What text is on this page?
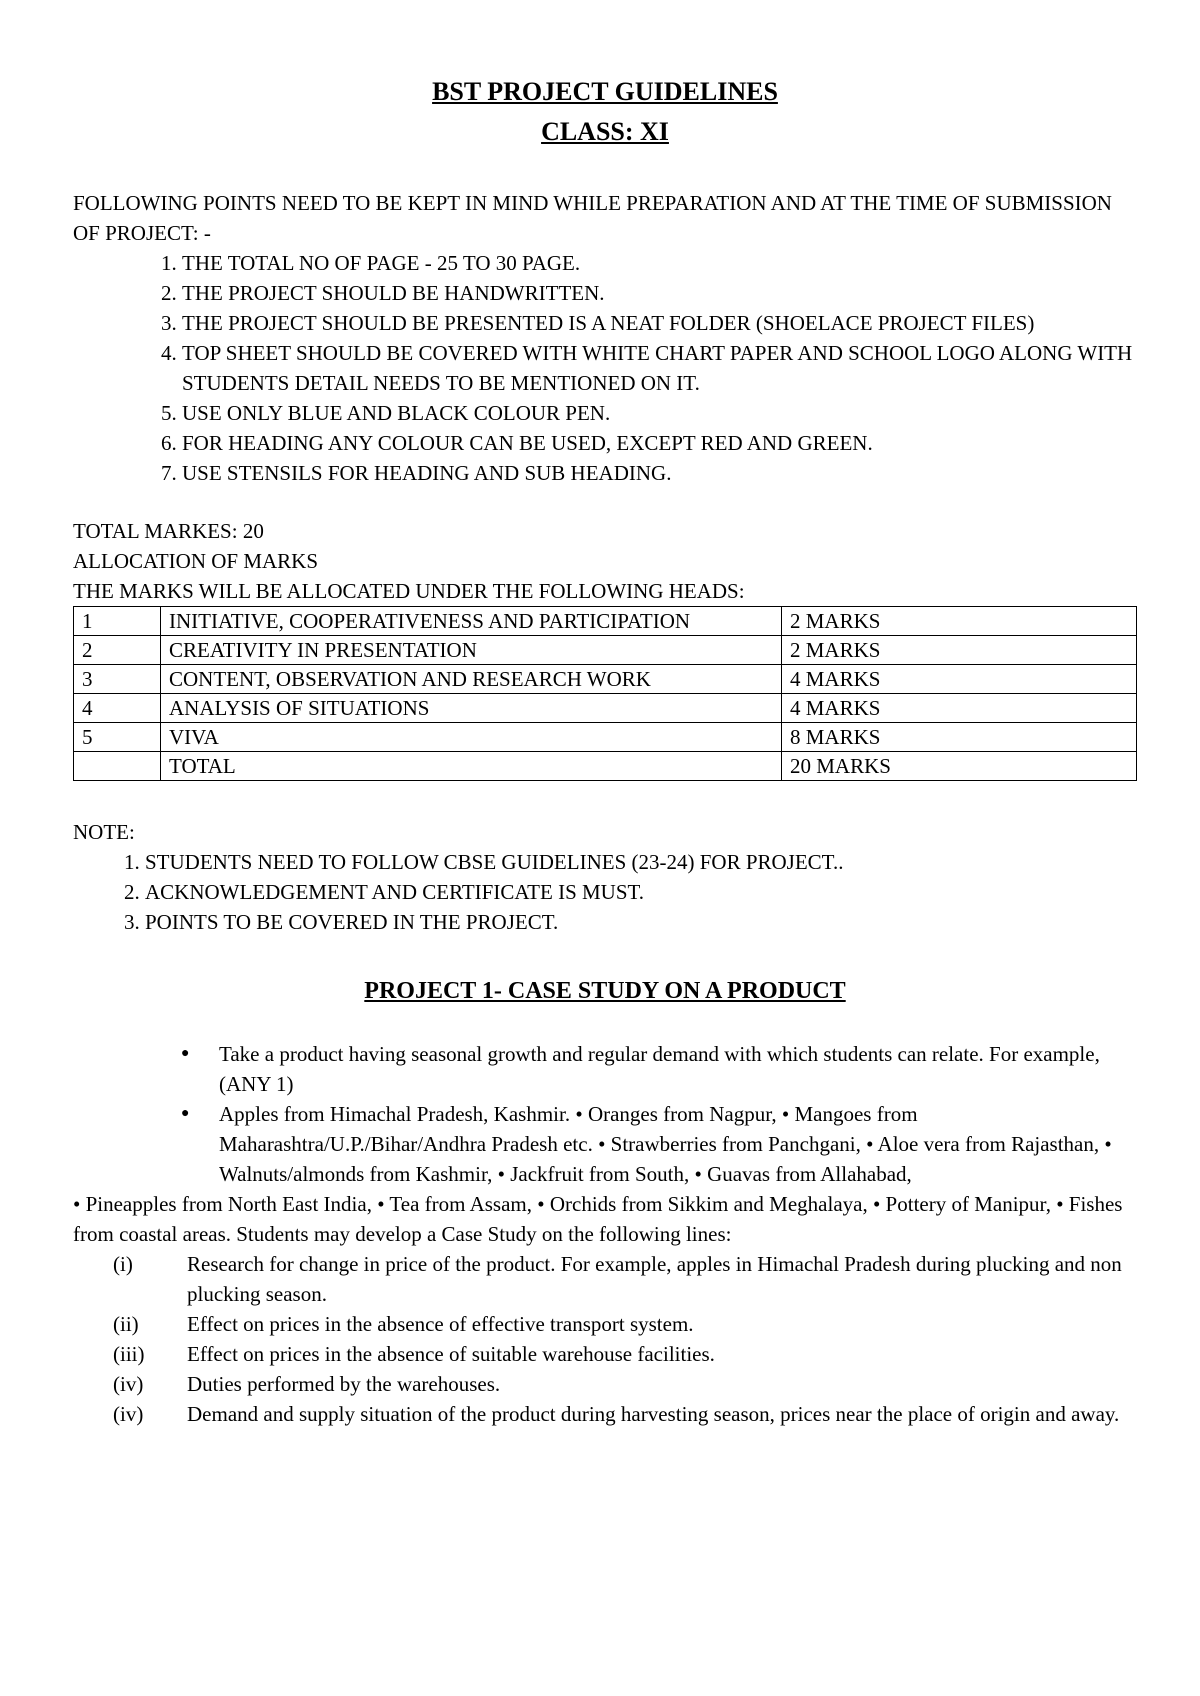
BST PROJECT GUIDELINES
CLASS: XI

FOLLOWING POINTS NEED TO BE KEPT IN MIND WHILE PREPARATION AND AT THE TIME OF SUBMISSION OF PROJECT: -

1. THE TOTAL NO OF PAGE - 25 TO 30 PAGE.
2. THE PROJECT SHOULD BE HANDWRITTEN.
3. THE PROJECT SHOULD BE PRESENTED IS A NEAT FOLDER (SHOELACE PROJECT FILES)
4. TOP SHEET SHOULD BE COVERED WITH WHITE CHART PAPER AND SCHOOL LOGO ALONG WITH STUDENTS DETAIL NEEDS TO BE MENTIONED ON IT.
5. USE ONLY BLUE AND BLACK COLOUR PEN.
6. FOR HEADING ANY COLOUR CAN BE USED, EXCEPT RED AND GREEN.
7. USE STENSILS FOR HEADING AND SUB HEADING.
TOTAL MARKES: 20
ALLOCATION OF MARKS
THE MARKS WILL BE ALLOCATED UNDER THE FOLLOWING HEADS:
1	INITIATIVE, COOPERATIVENESS AND PARTICIPATION	2 MARKS
2	CREATIVITY IN PRESENTATION	2 MARKS
3	CONTENT, OBSERVATION AND RESEARCH WORK	4 MARKS
4	ANALYSIS OF SITUATIONS	4 MARKS
5	VIVA	8 MARKS
	TOTAL	20 MARKS
NOTE:
1. STUDENTS NEED TO FOLLOW CBSE GUIDELINES (23-24) FOR PROJECT..
2. ACKNOWLEDGEMENT AND CERTIFICATE IS MUST.
3. POINTS TO BE COVERED IN THE PROJECT.
PROJECT 1- CASE STUDY ON A PRODUCT
● Take a product having seasonal growth and regular demand with which students can relate. For example, (ANY 1)
● Apples from Himachal Pradesh, Kashmir. • Oranges from Nagpur, • Mangoes from Maharashtra/U.P./Bihar/Andhra Pradesh etc. • Strawberries from Panchgani, • Aloe vera from Rajasthan, • Walnuts/almonds from Kashmir, • Jackfruit from South, • Guavas from Allahabad,

• Pineapples from North East India, • Tea from Assam, • Orchids from Sikkim and Meghalaya, • Pottery of Manipur, • Fishes from coastal areas. Students may develop a Case Study on the following lines:

(i)	Research for change in price of the product. For example, apples in Himachal Pradesh during plucking and non plucking season.
(ii)	Effect on prices in the absence of effective transport system.
(iii)	Effect on prices in the absence of suitable warehouse facilities.
(iv)	Duties performed by the warehouses.
(iv)	Demand and supply situation of the product during harvesting season, prices near the place of origin and away.
